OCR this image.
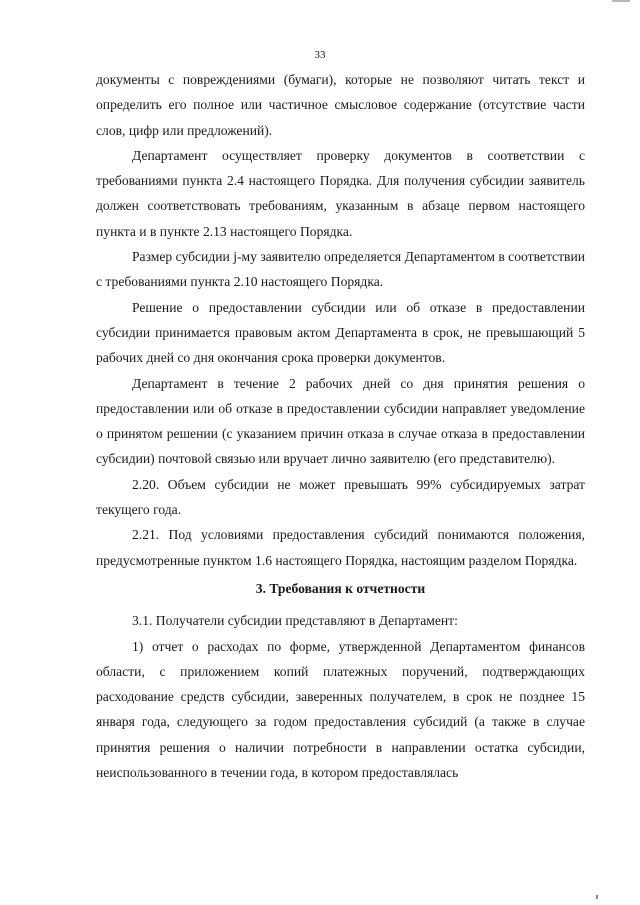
33

документы с повреждениями (бумаги), которые не позволяют читать текст и определить его полное или частичное смысловое содержание (отсутствие части слов, цифр или предложений).

Департамент осуществляет проверку документов в соответствии с требованиями пункта 2.4 настоящего Порядка. Для получения субсидии заявитель должен соответствовать требованиям, указанным в абзаце первом настоящего пункта и в пункте 2.13 настоящего Порядка.

Размер субсидии j-му заявителю определяется Департаментом в соответствии с требованиями пункта 2.10 настоящего Порядка.

Решение о предоставлении субсидии или об отказе в предоставлении субсидии принимается правовым актом Департамента в срок, не превышающий 5 рабочих дней со дня окончания срока проверки документов.

Департамент в течение 2 рабочих дней со дня принятия решения о предоставлении или об отказе в предоставлении субсидии направляет уведомление о принятом решении (с указанием причин отказа в случае отказа в предоставлении субсидии) почтовой связью или вручает лично заявителю (его представителю).

2.20. Объем субсидии не может превышать 99% субсидируемых затрат текущего года.

2.21. Под условиями предоставления субсидий понимаются положения, предусмотренные пунктом 1.6 настоящего Порядка, настоящим разделом Порядка.

3. Требования к отчетности

3.1. Получатели субсидии представляют в Департамент:

1) отчет о расходах по форме, утвержденной Департаментом финансов области, с приложением копий платежных поручений, подтверждающих расходование средств субсидии, заверенных получателем, в срок не позднее 15 января года, следующего за годом предоставления субсидий (а также в случае принятия решения о наличии потребности в направлении остатка субсидии, неиспользованного в течении года, в котором предоставлялась
